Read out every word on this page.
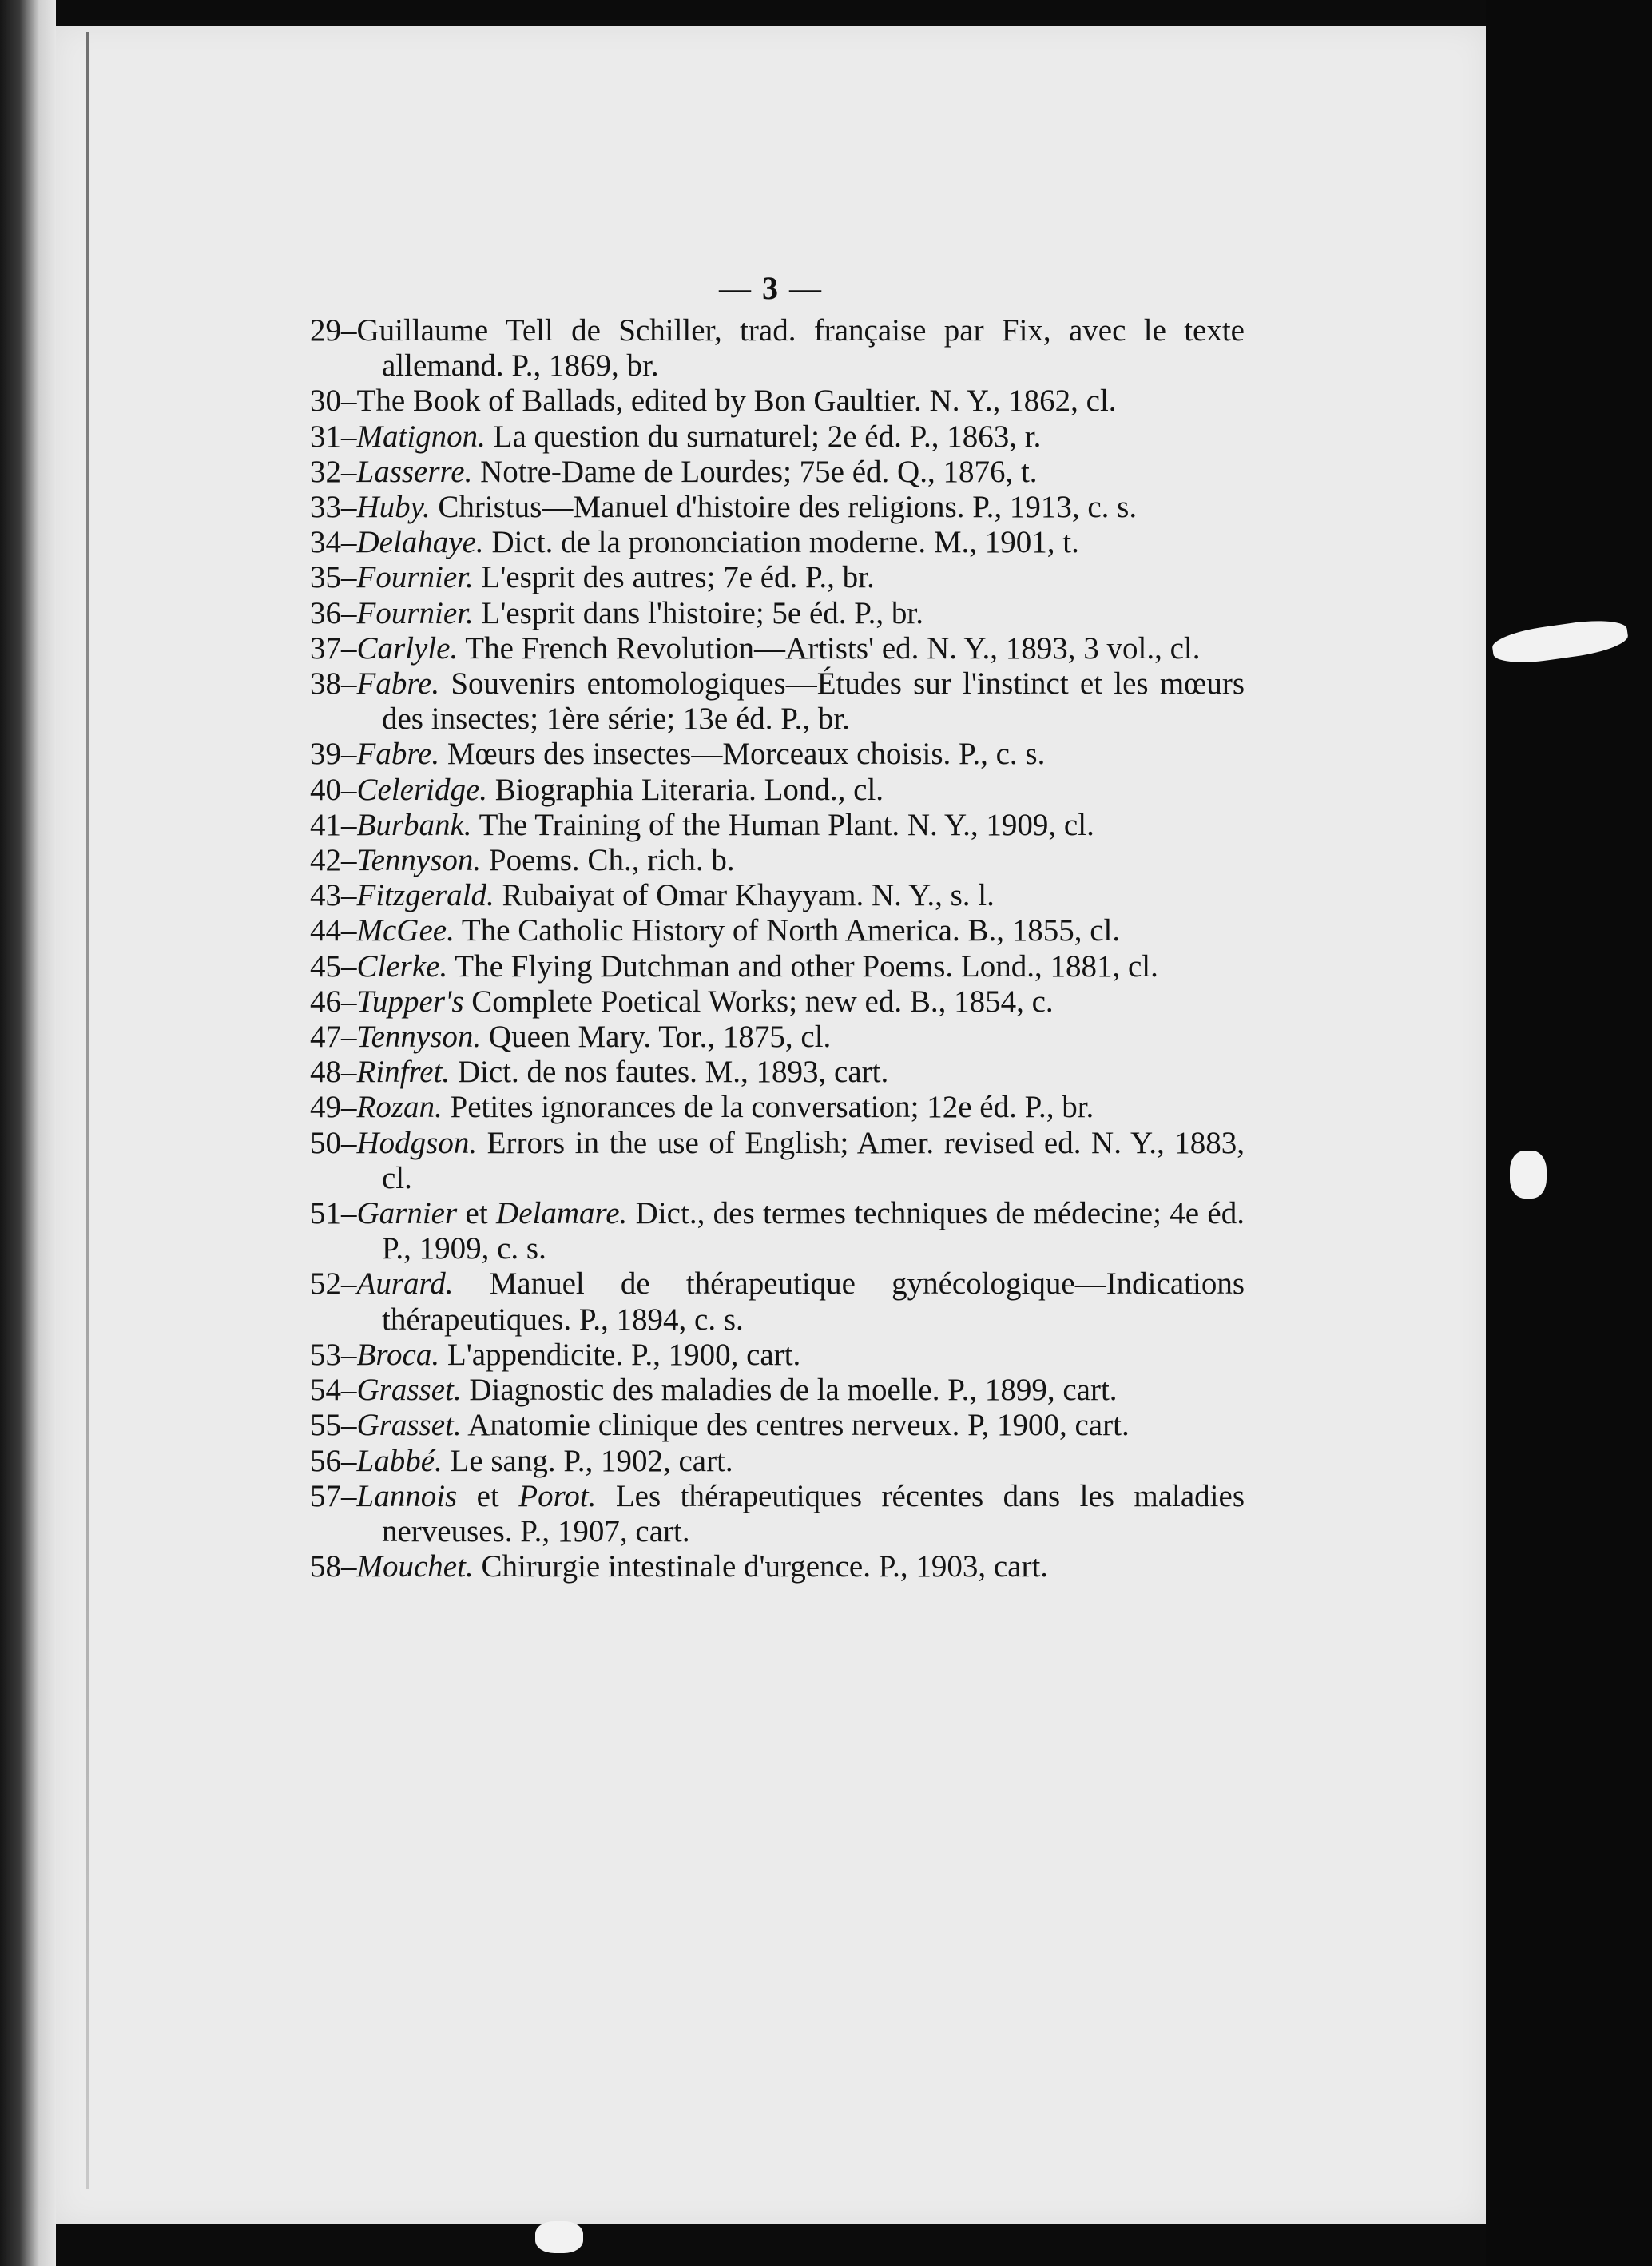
— 3 —
29–Guillaume Tell de Schiller, trad. française par Fix, avec le texte allemand. P., 1869, br.
30–The Book of Ballads, edited by Bon Gaultier. N. Y., 1862, cl.
31–Matignon. La question du surnaturel; 2e éd. P., 1863, r.
32–Lasserre. Notre-Dame de Lourdes; 75e éd. Q., 1876, t.
33–Huby. Christus—Manuel d'histoire des religions. P., 1913, c. s.
34–Delahaye. Dict. de la prononciation moderne. M., 1901, t.
35–Fournier. L'esprit des autres; 7e éd. P., br.
36–Fournier. L'esprit dans l'histoire; 5e éd. P., br.
37–Carlyle. The French Revolution—Artists' ed. N. Y., 1893, 3 vol., cl.
38–Fabre. Souvenirs entomologiques—Études sur l'instinct et les mœurs des insectes; 1ère série; 13e éd. P., br.
39–Fabre. Mœurs des insectes—Morceaux choisis. P., c. s.
40–Celeridge. Biographia Literaria. Lond., cl.
41–Burbank. The Training of the Human Plant. N. Y., 1909, cl.
42–Tennyson. Poems. Ch., rich. b.
43–Fitzgerald. Rubaiyat of Omar Khayyam. N. Y., s. l.
44–McGee. The Catholic History of North America. B., 1855, cl.
45–Clerke. The Flying Dutchman and other Poems. Lond., 1881, cl.
46–Tupper's Complete Poetical Works; new ed. B., 1854, c.
47–Tennyson. Queen Mary. Tor., 1875, cl.
48–Rinfret. Dict. de nos fautes. M., 1893, cart.
49–Rozan. Petites ignorances de la conversation; 12e éd. P., br.
50–Hodgson. Errors in the use of English; Amer. revised ed. N. Y., 1883, cl.
51–Garnier et Delamare. Dict., des termes techniques de médecine; 4e éd. P., 1909, c. s.
52–Aurard. Manuel de thérapeutique gynécologique—Indications thérapeutiques. P., 1894, c. s.
53–Broca. L'appendicite. P., 1900, cart.
54–Grasset. Diagnostic des maladies de la moelle. P., 1899, cart.
55–Grasset. Anatomie clinique des centres nerveux. P, 1900, cart.
56–Labbé. Le sang. P., 1902, cart.
57–Lannois et Porot. Les thérapeutiques récentes dans les maladies nerveuses. P., 1907, cart.
58–Mouchet. Chirurgie intestinale d'urgence. P., 1903, cart.
